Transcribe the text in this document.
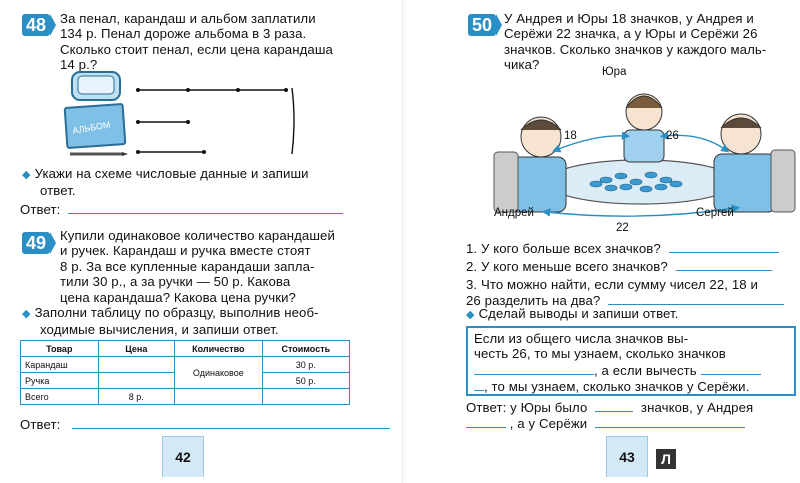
48	За пенал, карандаш и альбом заплатили
134 р. Пенал дороже альбома в 3 раза.
Сколько стоит пенал, если цена карандаша
14 р.?
АЛЬБОМ
◆ Укажи на схеме числовые данные и запиши
ответ.
Ответ:
49	Купили одинаковое количество карандашей
и ручек. Карандаш и ручка вместе стоят
8 р. За все купленные карандаши запла-
тили 30 р., а за ручки — 50 р. Какова
цена карандаша? Какова цена ручки?
◆ Заполни таблицу по образцу, выполнив необ-
ходимые вычисления, и запиши ответ.
Товар	Цена	Количество	Стоимость
Карандаш		Одинаковое	30 р.
Ручка			50 р.
Всего	8 р.		
Ответ:
42
50 У Андрея и Юры 18 значков, у Андрея и
Серёжи 22 значка, а у Юры и Серёжи 26
значков. Сколько значков у каждого маль-
чика?	Юра
Андрей	Сергей
18	26
22
1. У кого больше всех значков?
2. У кого меньше всего значков?
3. Что можно найти, если сумму чисел 22, 18 и
26 разделить на два?
◆ Сделай выводы и запиши ответ.
Если из общего числа значков вы-
честь 26, то мы узнаем, сколько значков
, а если вычесть
, то мы узнаем, сколько значков у Серёжи.
Ответ: у Юры было	значков, у Андрея
, а у Серёжи
43	Л
